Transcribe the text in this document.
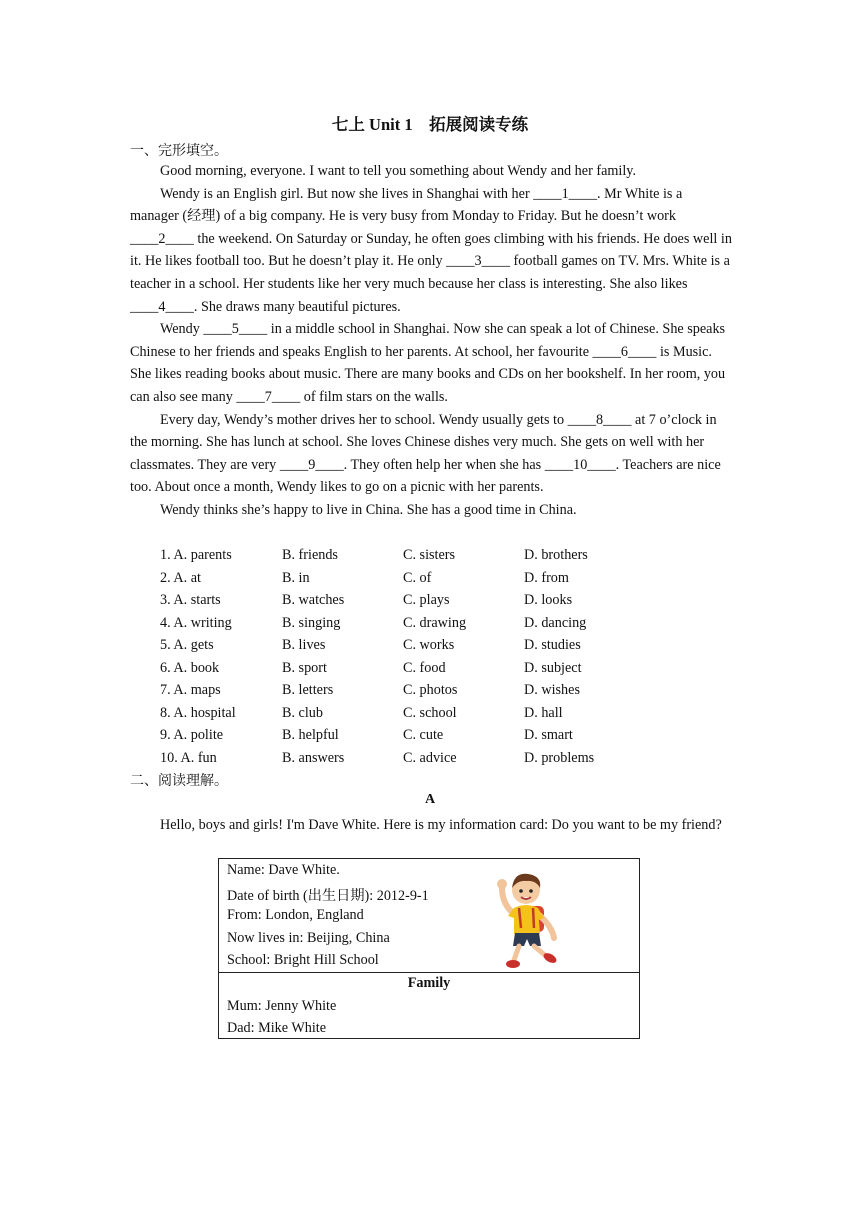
七上 Unit 1　拓展阅读专练
一、完形填空。

Good morning, everyone. I want to tell you something about Wendy and her family.

Wendy is an English girl. But now she lives in Shanghai with her ____1____. Mr White is a manager (经理) of a big company. He is very busy from Monday to Friday. But he doesn’t work ____2____ the weekend. On Saturday or Sunday, he often goes climbing with his friends. He does well in it. He likes football too. But he doesn’t play it. He only ____3____ football games on TV. Mrs. White is a teacher in a school. Her students like her very much because her class is interesting. She also likes ____4____. She draws many beautiful pictures.

Wendy ____5____ in a middle school in Shanghai. Now she can speak a lot of Chinese. She speaks Chinese to her friends and speaks English to her parents. At school, her favourite ____6____ is Music. She likes reading books about music. There are many books and CDs on her bookshelf. In her room, you can also see many ____7____ of film stars on the walls.

Every day, Wendy’s mother drives her to school. Wendy usually gets to ____8____ at 7 o’clock in the morning. She has lunch at school. She loves Chinese dishes very much. She gets on well with her classmates. They are very ____9____. They often help her when she has ____10____. Teachers are nice too. About once a month, Wendy likes to go on a picnic with her parents.

Wendy thinks she’s happy to live in China. She has a good time in China.

1. A. parents	B. friends	C. sisters	D. brothers
2. A. at	B. in	C. of	D. from
3. A. starts	B. watches	C. plays	D. looks
4. A. writing	B. singing	C. drawing	D. dancing
5. A. gets	B. lives	C. works	D. studies
6. A. book	B. sport	C. food	D. subject
7. A. maps	B. letters	C. photos	D. wishes
8. A. hospital	B. club	C. school	D. hall
9. A. polite	B. helpful	C. cute	D. smart
10. A. fun	B. answers	C. advice	D. problems
二、阅读理解。
A

Hello, boys and girls! I'm Dave White. Here is my information card: Do you want to be my friend?

Name: Dave White.
Date of birth (出生日期): 2012-9-1
From: London, England
Now lives in: Beijing, China
School: Bright Hill School
Family
Mum: Jenny White
Dad: Mike White
